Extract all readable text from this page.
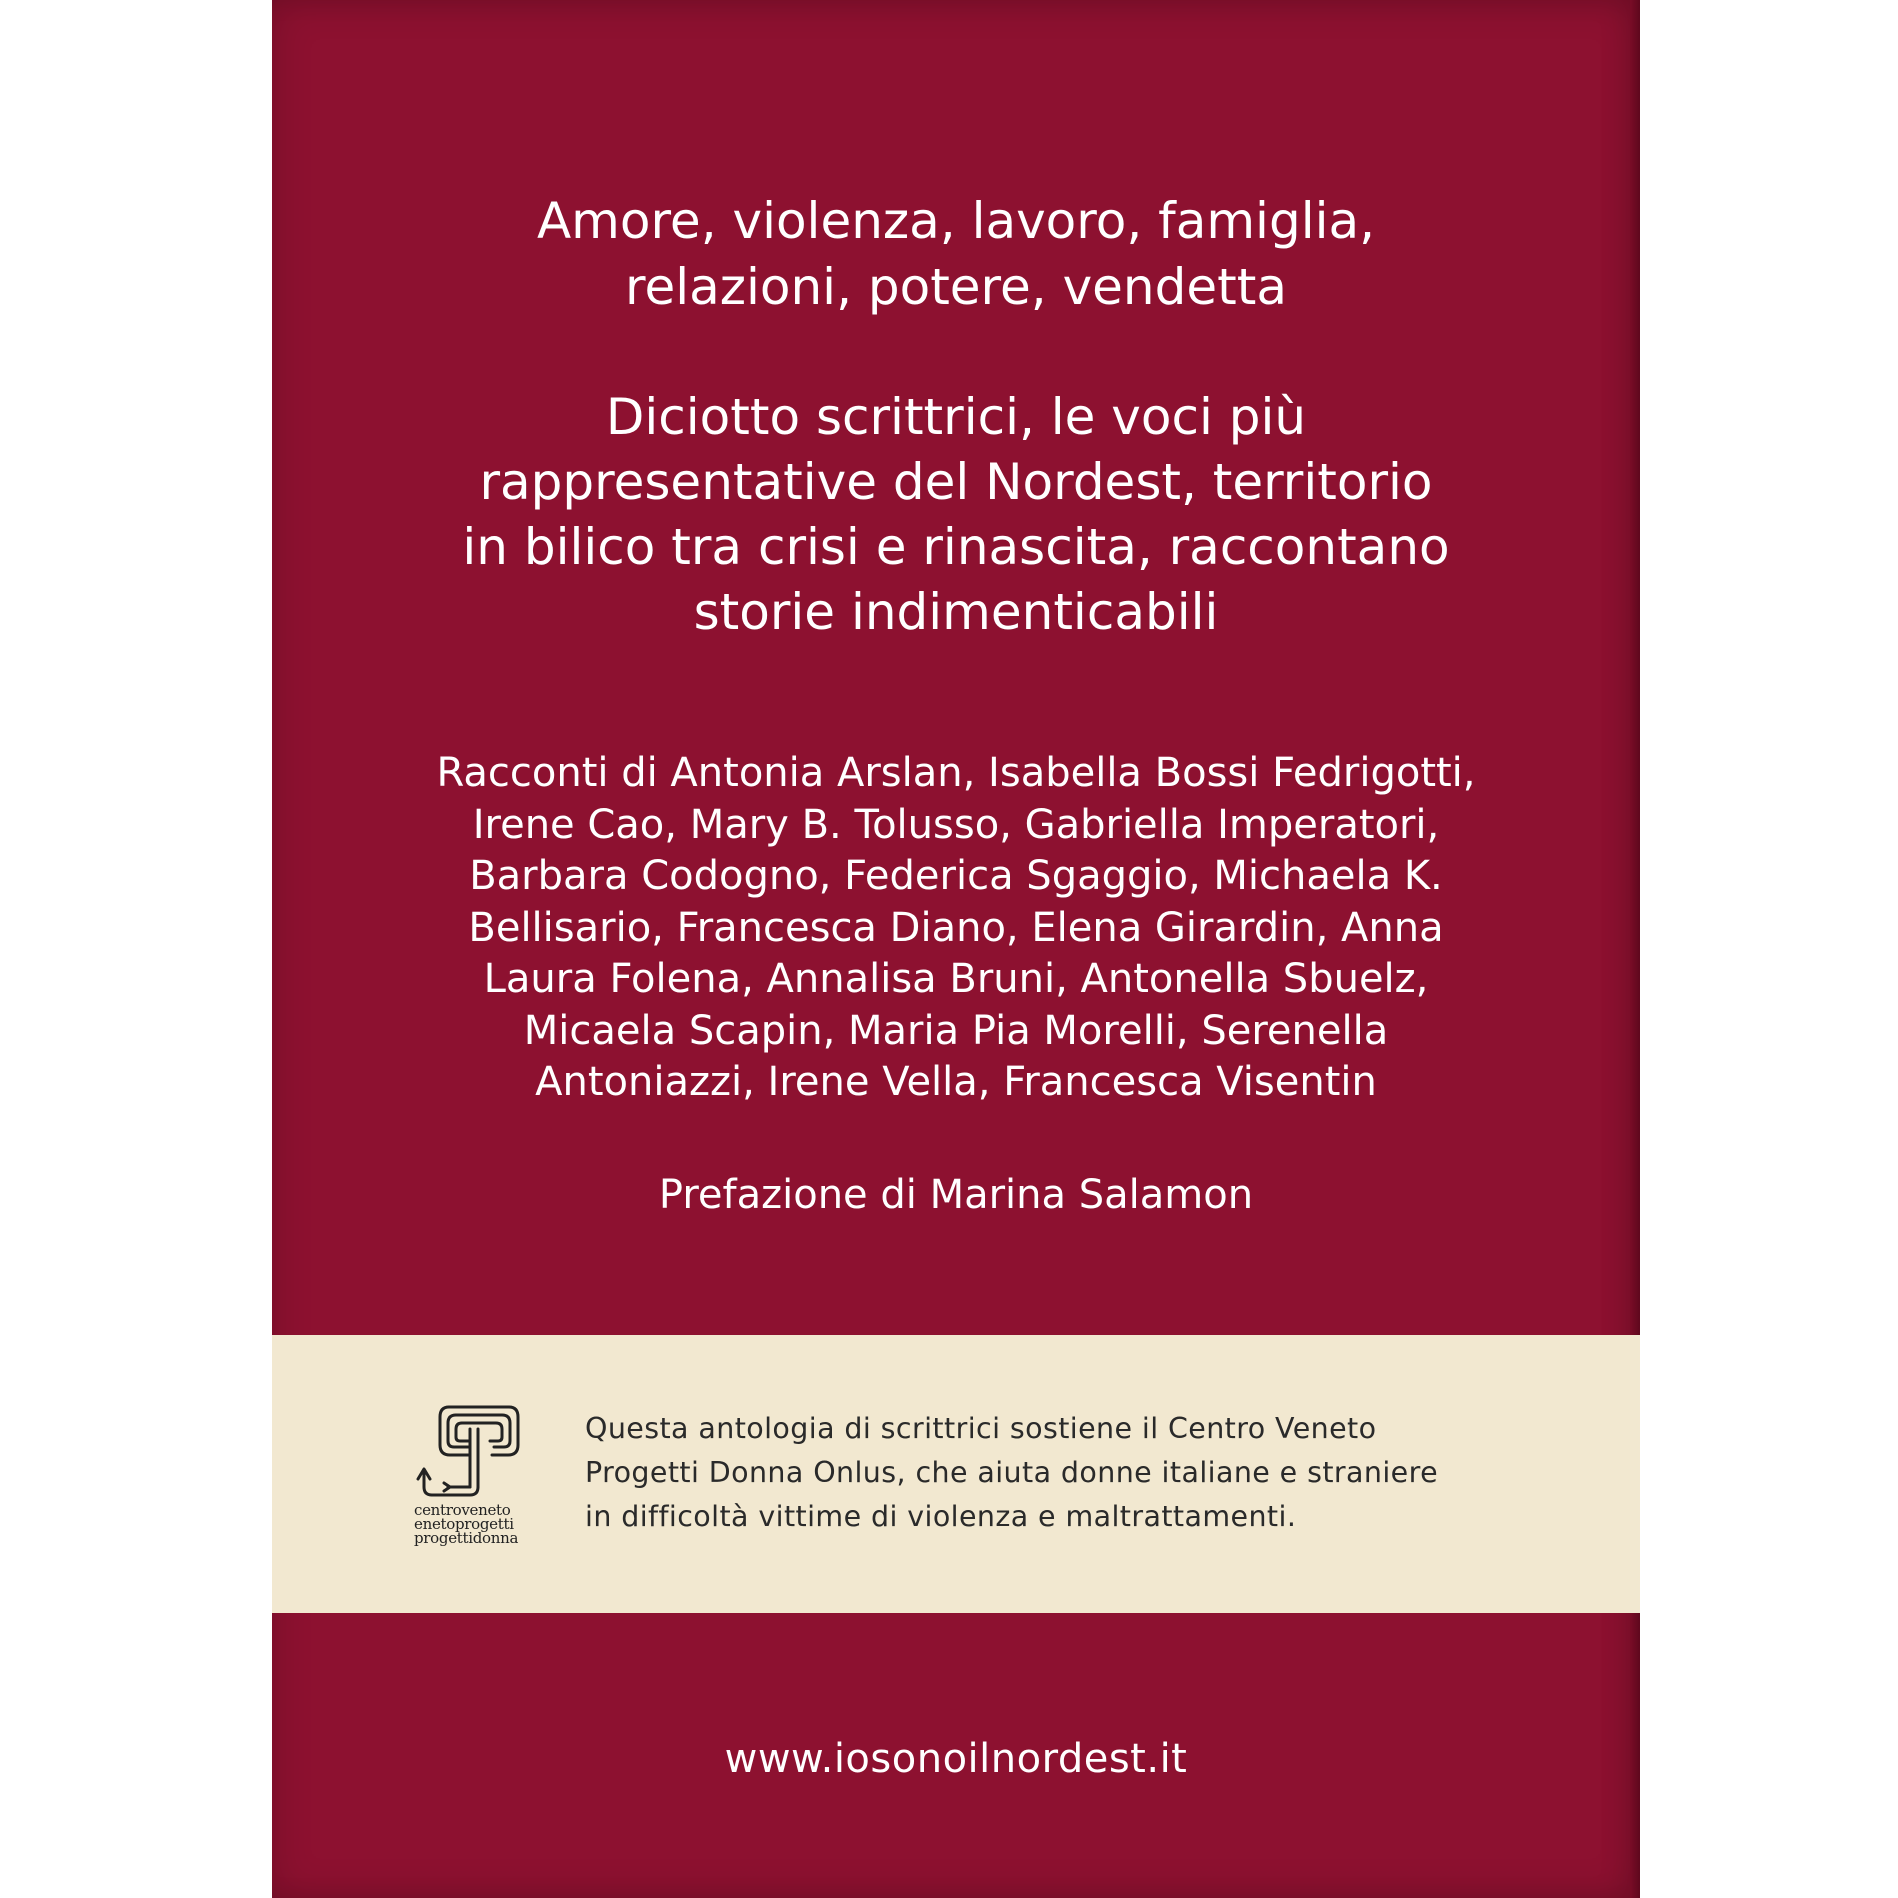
Amore, violenza, lavoro, famiglia,
relazioni, potere, vendetta

Diciotto scrittrici, le voci più
rappresentative del Nordest, territorio
in bilico tra crisi e rinascita, raccontano
storie indimenticabili

Racconti di Antonia Arslan, Isabella Bossi Fedrigotti,
Irene Cao, Mary B. Tolusso, Gabriella Imperatori,
Barbara Codogno, Federica Sgaggio, Michaela K.
Bellisario, Francesca Diano, Elena Girardin, Anna
Laura Folena, Annalisa Bruni, Antonella Sbuelz,
Micaela Scapin, Maria Pia Morelli, Serenella
Antoniazzi, Irene Vella, Francesca Visentin

Prefazione di Marina Salamon

centroveneto
enetoprogetti
progettidonna
Questa antologia di scrittrici sostiene il Centro Veneto
Progetti Donna Onlus, che aiuta donne italiane e straniere
in difficoltà vittime di violenza e maltrattamenti.

www.iosonoilnordest.it
